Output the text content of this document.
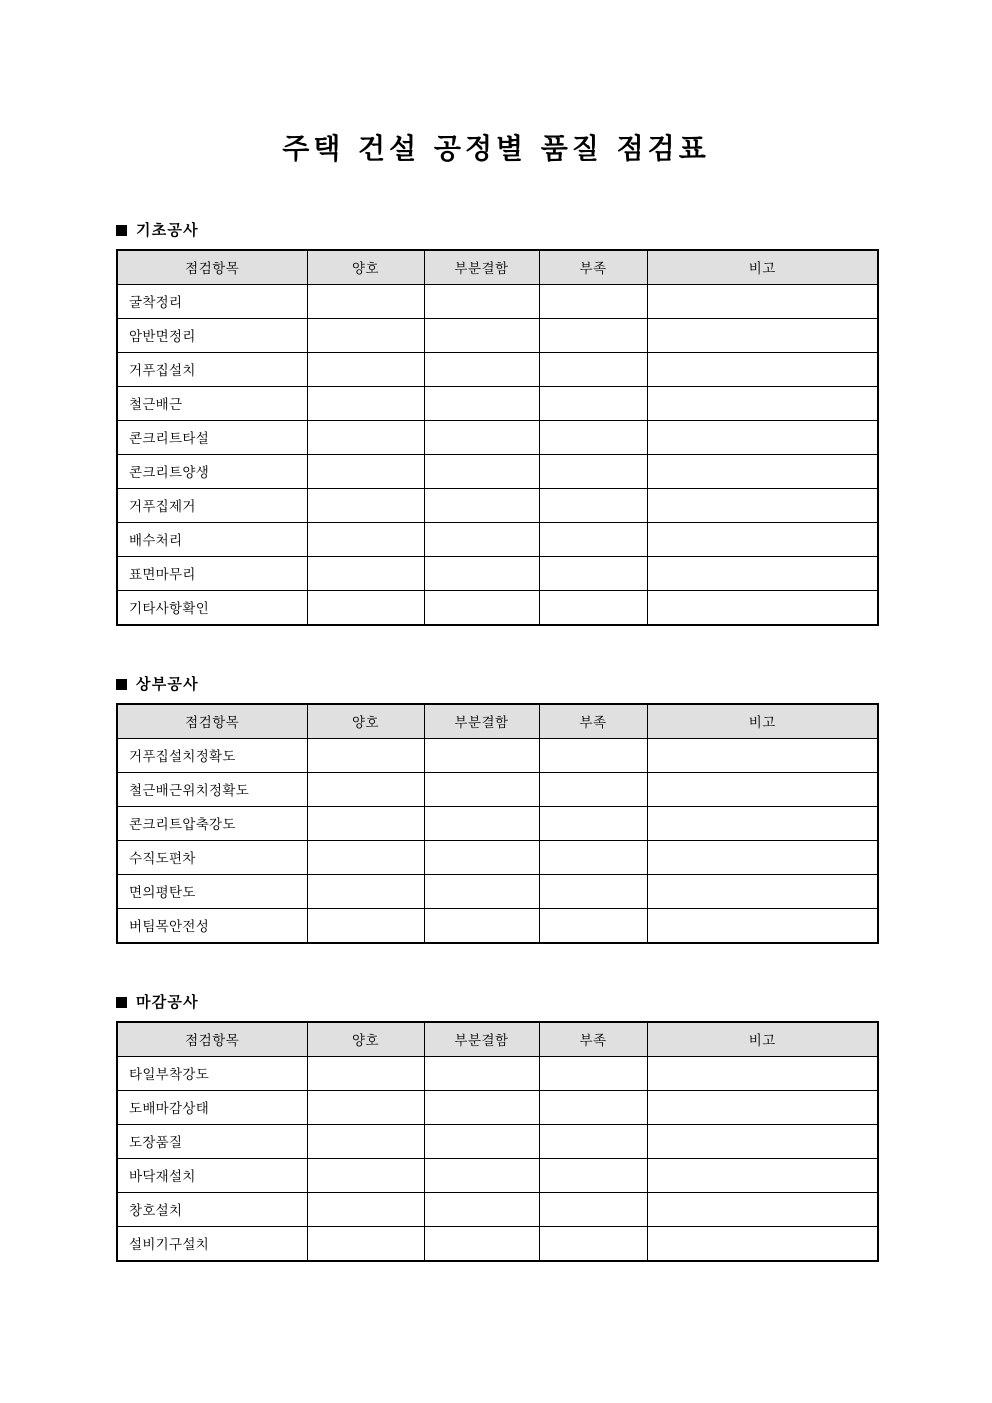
주택 건설 공정별 품질 점검표
기초공사
점검항목	양호	부분결함	부족	비고
굴착정리				
암반면정리				
거푸집설치				
철근배근				
콘크리트타설				
콘크리트양생				
거푸집제거				
배수처리				
표면마무리				
기타사항확인				
상부공사
점검항목	양호	부분결함	부족	비고
거푸집설치정확도				
철근배근위치정확도				
콘크리트압축강도				
수직도편차				
면의평탄도				
버팀목안전성				
마감공사
점검항목	양호	부분결함	부족	비고
타일부착강도				
도배마감상태				
도장품질				
바닥재설치				
창호설치				
설비기구설치				
